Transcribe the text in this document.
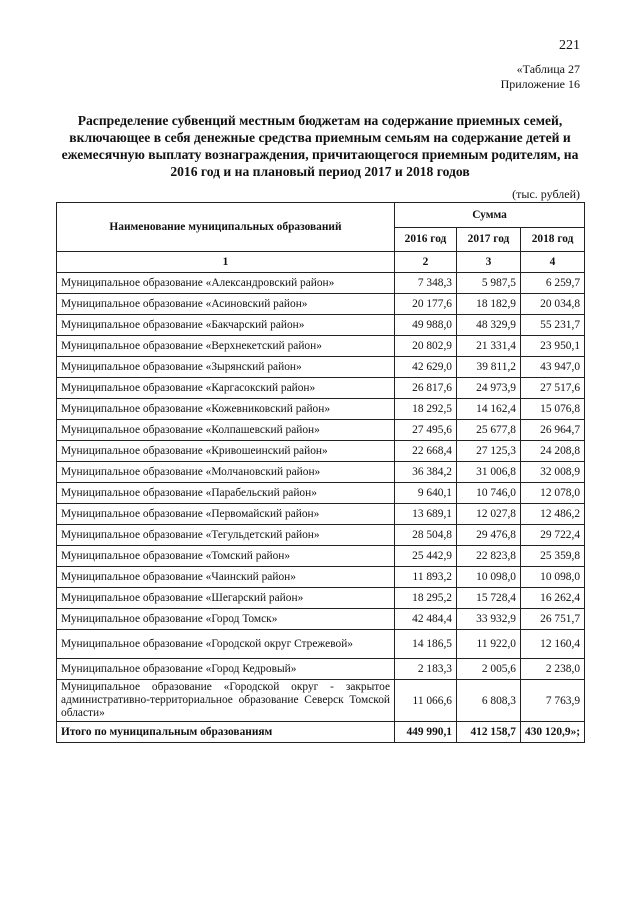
221
«Таблица 27
Приложение 16
Распределение субвенций местным бюджетам на содержание приемных семей, включающее в себя денежные средства приемным семьям на содержание детей и ежемесячную выплату вознаграждения, причитающегося приемным родителям, на 2016 год и на плановый период 2017 и 2018 годов
(тыс. рублей)
Наименование муниципальных образований	Сумма		
	2016 год	2017 год	2018 год
1	2	3	4
Муниципальное образование «Александровский район»	7 348,3	5 987,5	6 259,7
Муниципальное образование «Асиновский район»	20 177,6	18 182,9	20 034,8
Муниципальное образование «Бакчарский район»	49 988,0	48 329,9	55 231,7
Муниципальное образование «Верхнекетский район»	20 802,9	21 331,4	23 950,1
Муниципальное образование «Зырянский район»	42 629,0	39 811,2	43 947,0
Муниципальное образование «Каргасокский район»	26 817,6	24 973,9	27 517,6
Муниципальное образование «Кожевниковский район»	18 292,5	14 162,4	15 076,8
Муниципальное образование «Колпашевский район»	27 495,6	25 677,8	26 964,7
Муниципальное образование «Кривошеинский район»	22 668,4	27 125,3	24 208,8
Муниципальное образование «Молчановский район»	36 384,2	31 006,8	32 008,9
Муниципальное образование «Парабельский район»	9 640,1	10 746,0	12 078,0
Муниципальное образование «Первомайский район»	13 689,1	12 027,8	12 486,2
Муниципальное образование «Тегульдетский район»	28 504,8	29 476,8	29 722,4
Муниципальное образование «Томский район»	25 442,9	22 823,8	25 359,8
Муниципальное образование «Чаинский район»	11 893,2	10 098,0	10 098,0
Муниципальное образование «Шегарский район»	18 295,2	15 728,4	16 262,4
Муниципальное образование «Город Томск»	42 484,4	33 932,9	26 751,7
Муниципальное образование «Городской округ Стрежевой»	14 186,5	11 922,0	12 160,4
Муниципальное образование «Город Кедровый»	2 183,3	2 005,6	2 238,0
Муниципальное образование «Городской округ - закрытое административно-территориальное образование Северск Томской области»	11 066,6	6 808,3	7 763,9
Итого по муниципальным образованиям	449 990,1	412 158,7	430 120,9»;
